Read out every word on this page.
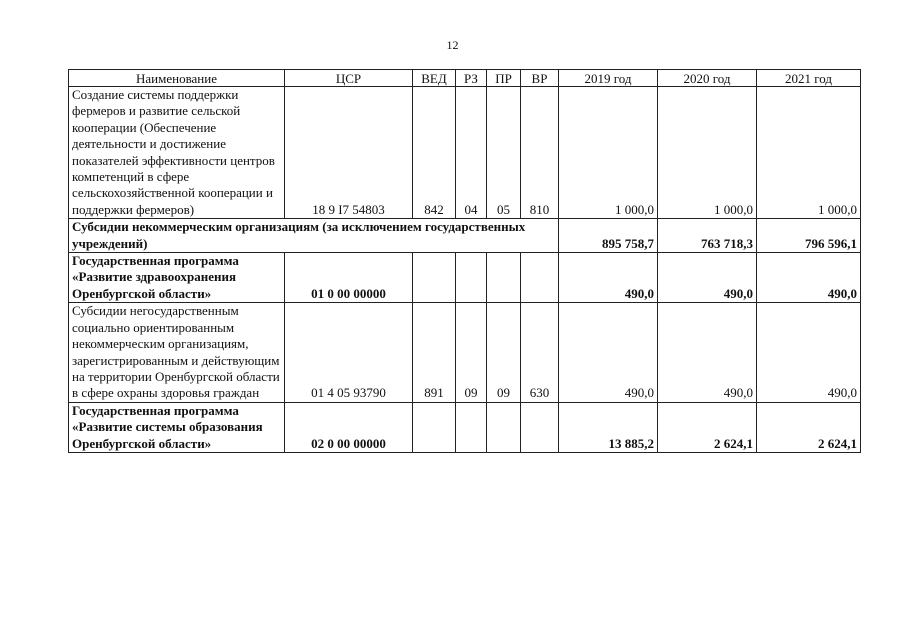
12
Наименование	ЦСР	ВЕД	РЗ	ПР	ВР	2019 год	2020 год	2021 год
Создание системы поддержки фермеров и развитие сельской кооперации (Обеспечение деятельности и достижение показателей эффективности центров компетенций в сфере сельскохозяйственной кооперации и поддержки фермеров)	18 9 I7 54803	842	04	05	810	1 000,0	1 000,0	1 000,0
Субсидии некоммерческим организациям (за исключением государственных учреждений)						895 758,7	763 718,3	796 596,1
Государственная программа «Развитие здравоохранения Оренбургской области»	01 0 00 00000					490,0	490,0	490,0
Субсидии негосударственным социально ориентированным некоммерческим организациям, зарегистрированным и действующим на территории Оренбургской области в сфере охраны здоровья граждан	01 4 05 93790	891	09	09	630	490,0	490,0	490,0
Государственная программа «Развитие системы образования Оренбургской области»	02 0 00 00000					13 885,2	2 624,1	2 624,1
